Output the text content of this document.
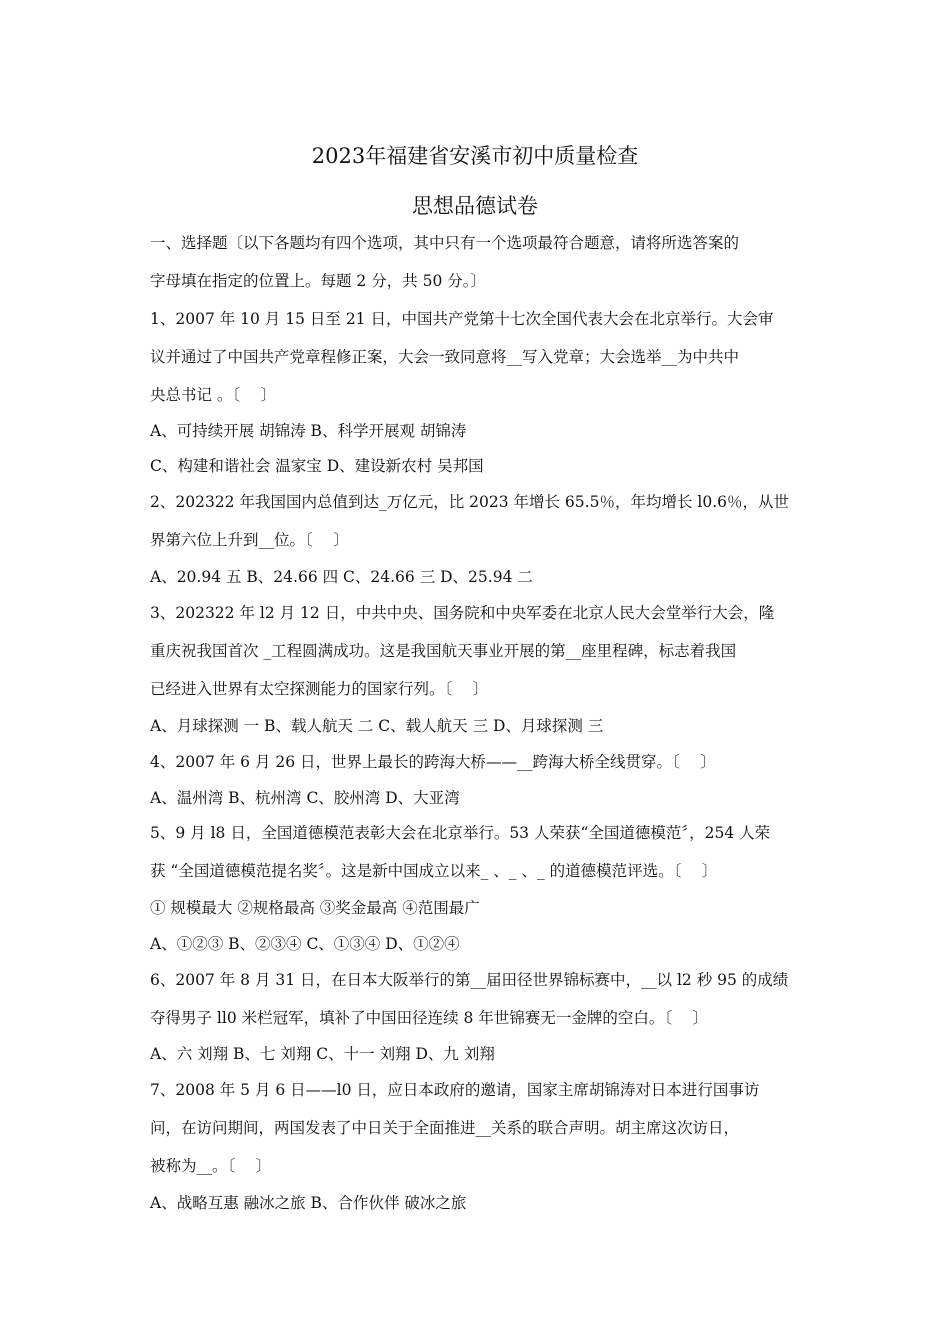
2023年福建省安溪市初中质量检查
思想品德试卷
一、选择题〔以下各题均有四个选项，其中只有一个选项最符合题意，请将所选答案的
字母填在指定的位置上。每题 2 分，共 50 分。〕
1、2007 年 10 月 15 日至 21 日，中国共产党第十七次全国代表大会在北京举行。大会审
议并通过了中国共产党章程修正案，大会一致同意将__写入党章；大会选举__为中共中
央总书记 。〔　 〕
A、可持续开展 胡锦涛 B、科学开展观 胡锦涛
C、构建和谐社会 温家宝 D、建设新农村 吴邦国
2、202322 年我国国内总值到达_万亿元，比 2023 年增长 65.5％，年均增长 l0.6％，从世
界第六位上升到__位。〔　 〕
A、20.94 五 B、24.66 四 C、24.66 三 D、25.94 二
3、202322 年 l2 月 12 日，中共中央、国务院和中央军委在北京人民大会堂举行大会，隆
重庆祝我国首次 _工程圆满成功。这是我国航天事业开展的第__座里程碑，标志着我国
已经进入世界有太空探测能力的国家行列。〔　 〕
A、月球探测 一 B、载人航天 二 C、载人航天 三 D、月球探测 三
4、2007 年 6 月 26 日，世界上最长的跨海大桥——__跨海大桥全线贯穿。〔　 〕
A、温州湾 B、杭州湾 C、胶州湾 D、大亚湾
5、9 月 l8 日，全国道德模范表彰大会在北京举行。53 人荣获“全国道德模范〞，254 人荣
获 “全国道德模范提名奖〞。这是新中国成立以来_ 、_ 、_ 的道德模范评选。〔　 〕
① 规模最大 ②规格最高 ③奖金最高 ④范围最广
A、①②③ B、②③④ C、①③④ D、①②④
6、2007 年 8 月 31 日，在日本大阪举行的第__届田径世界锦标赛中，__以 l2 秒 95 的成绩
夺得男子 ll0 米栏冠军，填补了中国田径连续 8 年世锦赛无一金牌的空白。〔　 〕
A、六 刘翔 B、七 刘翔 C、十一 刘翔 D、九 刘翔
7、2008 年 5 月 6 日——l0 日，应日本政府的邀请，国家主席胡锦涛对日本进行国事访
问，在访问期间，两国发表了中日关于全面推进__关系的联合声明。胡主席这次访日，
被称为__。〔　 〕
A、战略互惠 融冰之旅 B、合作伙伴 破冰之旅
